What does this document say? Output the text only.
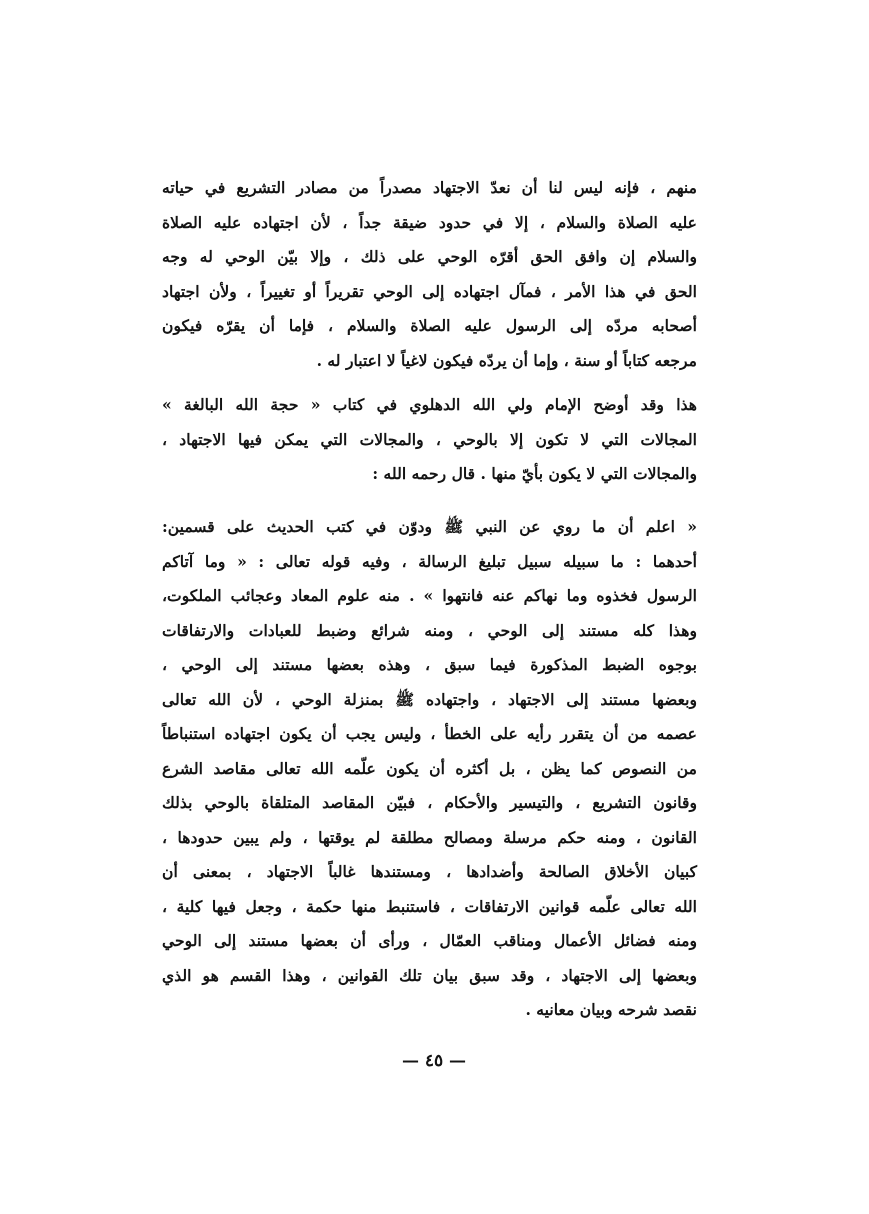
منهم ، فإنه ليس لنا أن نعدّ الاجتهاد مصدراً من مصادر التشريع في حياته
عليه الصلاة والسلام ، إلا في حدود ضيقة جداً ، لأن اجتهاده عليه الصلاة
والسلام إن وافق الحق أقرّه الوحي على ذلك ، وإلا بيّن الوحي له وجه
الحق في هذا الأمر ، فمآل اجتهاده إلى الوحي تقريراً أو تغييراً ، ولأن اجتهاد
أصحابه مردّه إلى الرسول عليه الصلاة والسلام ، فإما أن يقرّه فيكون
مرجعه كتاباً أو سنة ، وإما أن يردّه فيكون لاغياً لا اعتبار له .
هذا وقد أوضح الإمام ولي الله الدهلوي في كتاب « حجة الله البالغة »
المجالات التي لا تكون إلا بالوحي ، والمجالات التي يمكن فيها الاجتهاد ،
والمجالات التي لا يكون بأيّ منها . قال رحمه الله :
« اعلم أن ما روي عن النبي ﷺ ودوّن في كتب الحديث على قسمين:
أحدهما : ما سبيله سبيل تبليغ الرسالة ، وفيه قوله تعالى : « وما آتاكم
الرسول فخذوه وما نهاكم عنه فانتهوا » . منه علوم المعاد وعجائب الملكوت،
وهذا كله مستند إلى الوحي ، ومنه شرائع وضبط للعبادات والارتفاقات
بوجوه الضبط المذكورة فيما سبق ، وهذه بعضها مستند إلى الوحي ،
وبعضها مستند إلى الاجتهاد ، واجتهاده ﷺ بمنزلة الوحي ، لأن الله تعالى
عصمه من أن يتقرر رأيه على الخطأ ، وليس يجب أن يكون اجتهاده استنباطاً
من النصوص كما يظن ، بل أكثره أن يكون علّمه الله تعالى مقاصد الشرع
وقانون التشريع ، والتيسير والأحكام ، فبيّن المقاصد المتلقاة بالوحي بذلك
القانون ، ومنه حكم مرسلة ومصالح مطلقة لم يوقتها ، ولم يبين حدودها ،
كبيان الأخلاق الصالحة وأضدادها ، ومستندها غالباً الاجتهاد ، بمعنى أن
الله تعالى علّمه قوانين الارتفاقات ، فاستنبط منها حكمة ، وجعل فيها كلية ،
ومنه فضائل الأعمال ومناقب العمّال ، ورأى أن بعضها مستند إلى الوحي
وبعضها إلى الاجتهاد ، وقد سبق بيان تلك القوانين ، وهذا القسم هو الذي
نقصد شرحه وبيان معانيه .
— ٤٥ —
